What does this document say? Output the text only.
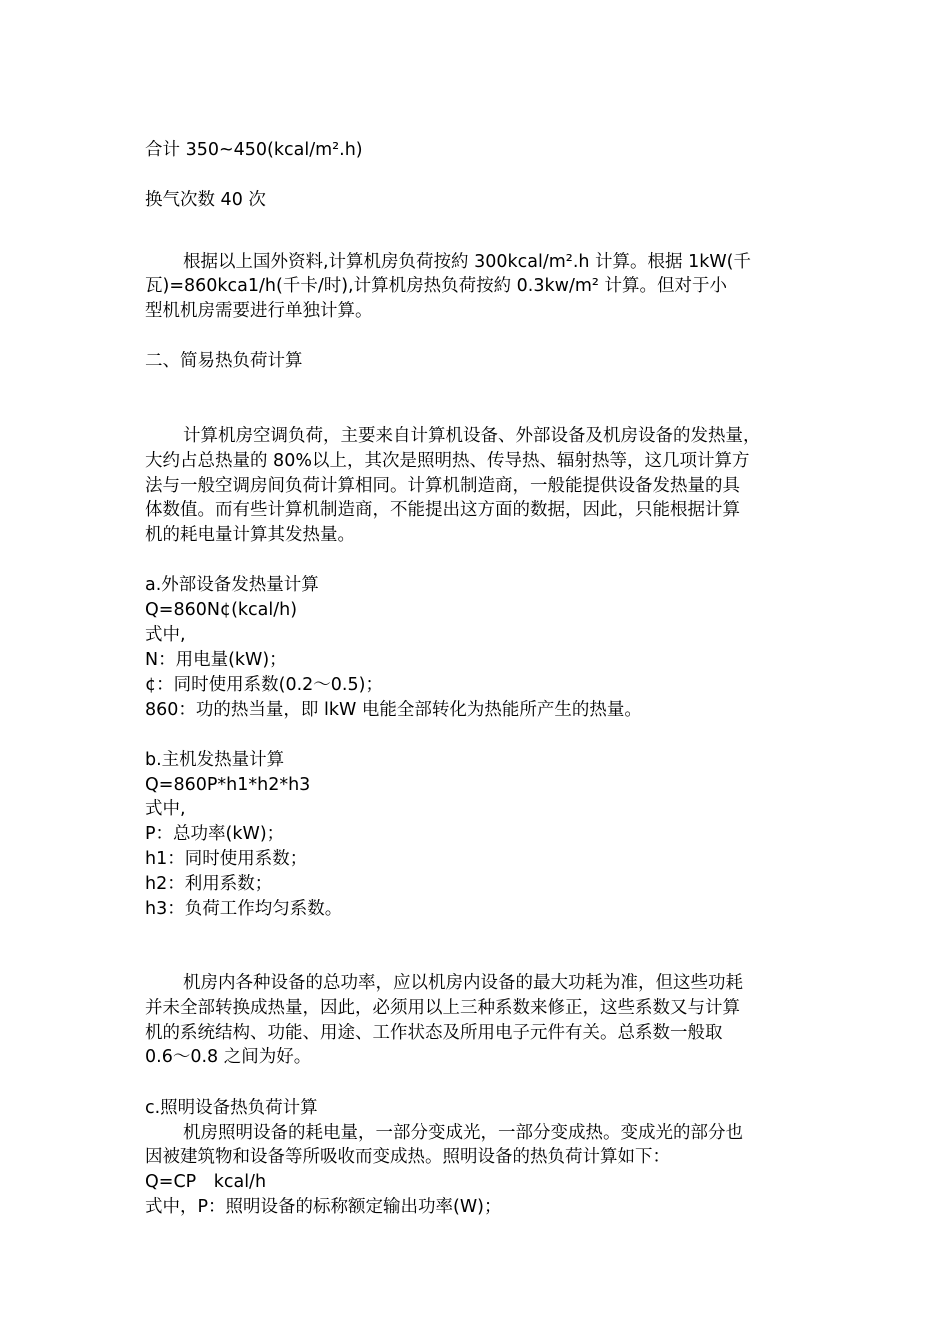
合计 350~450(kcal/m².h)
换气次数 40 次
根据以上国外资料,计算机房负荷按約 300kcal/m².h 计算。根据 1kW(千
瓦)=860kca1/h(千卡/时),计算机房热负荷按約 0.3kw/m² 计算。但对于小
型机机房需要进行单独计算。
二、简易热负荷计算
计算机房空调负荷，主要来自计算机设备、外部设备及机房设备的发热量，
大约占总热量的 80%以上，其次是照明热、传导热、辐射热等，这几项计算方
法与一般空调房间负荷计算相同。计算机制造商，一般能提供设备发热量的具
体数值。而有些计算机制造商，不能提出这方面的数据，因此，只能根据计算
机的耗电量计算其发热量。
a.外部设备发热量计算
Q=860N¢(kcal/h)
式中,
N：用电量(kW)；
¢：同时使用系数(0.2～0.5)；
860：功的热当量，即 lkW 电能全部转化为热能所产生的热量。
b.主机发热量计算
Q=860P*h1*h2*h3
式中,
P：总功率(kW)；
h1：同时使用系数；
h2：利用系数；
h3：负荷工作均匀系数。
机房内各种设备的总功率，应以机房内设备的最大功耗为准，但这些功耗
并未全部转换成热量，因此，必须用以上三种系数来修正，这些系数又与计算
机的系统结构、功能、用途、工作状态及所用电子元件有关。总系数一般取
0.6～0.8 之间为好。
c.照明设备热负荷计算
机房照明设备的耗电量，一部分变成光，一部分变成热。变成光的部分也
因被建筑物和设备等所吸收而变成热。照明设备的热负荷计算如下：
Q=CP　kcal/h
式中，P：照明设备的标称额定输出功率(W)；
